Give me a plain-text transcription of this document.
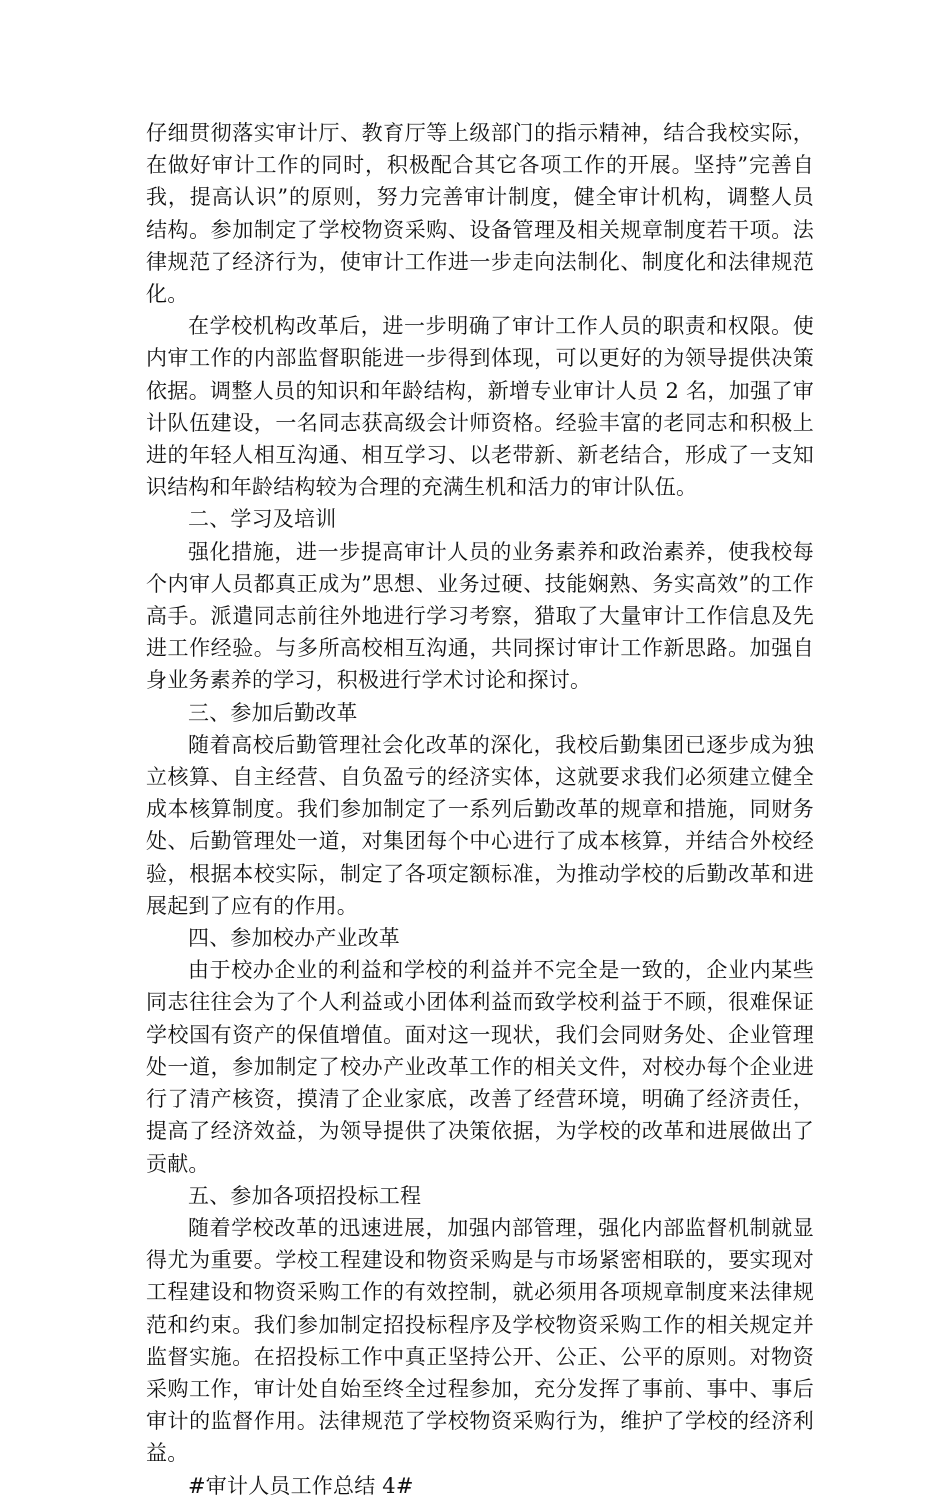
仔细贯彻落实审计厅、教育厅等上级部门的指示精神，结合我校实际，在做好审计工作的同时，积极配合其它各项工作的开展。坚持”完善自我，提高认识”的原则，努力完善审计制度，健全审计机构，调整人员结构。参加制定了学校物资采购、设备管理及相关规章制度若干项。法律规范了经济行为，使审计工作进一步走向法制化、制度化和法律规范化。

在学校机构改革后，进一步明确了审计工作人员的职责和权限。使内审工作的内部监督职能进一步得到体现，可以更好的为领导提供决策依据。调整人员的知识和年龄结构，新增专业审计人员 2 名，加强了审计队伍建设，一名同志获高级会计师资格。经验丰富的老同志和积极上进的年轻人相互沟通、相互学习、以老带新、新老结合，形成了一支知识结构和年龄结构较为合理的充满生机和活力的审计队伍。

二、学习及培训

强化措施，进一步提高审计人员的业务素养和政治素养，使我校每个内审人员都真正成为”思想、业务过硬、技能娴熟、务实高效”的工作高手。派遣同志前往外地进行学习考察，猎取了大量审计工作信息及先进工作经验。与多所高校相互沟通，共同探讨审计工作新思路。加强自身业务素养的学习，积极进行学术讨论和探讨。

三、参加后勤改革

随着高校后勤管理社会化改革的深化，我校后勤集团已逐步成为独立核算、自主经营、自负盈亏的经济实体，这就要求我们必须建立健全成本核算制度。我们参加制定了一系列后勤改革的规章和措施，同财务处、后勤管理处一道，对集团每个中心进行了成本核算，并结合外校经验，根据本校实际，制定了各项定额标准，为推动学校的后勤改革和进展起到了应有的作用。

四、参加校办产业改革

由于校办企业的利益和学校的利益并不完全是一致的，企业内某些同志往往会为了个人利益或小团体利益而致学校利益于不顾，很难保证学校国有资产的保值增值。面对这一现状，我们会同财务处、企业管理处一道，参加制定了校办产业改革工作的相关文件，对校办每个企业进行了清产核资，摸清了企业家底，改善了经营环境，明确了经济责任，提高了经济效益，为领导提供了决策依据，为学校的改革和进展做出了贡献。

五、参加各项招投标工程

随着学校改革的迅速进展，加强内部管理，强化内部监督机制就显得尤为重要。学校工程建设和物资采购是与市场紧密相联的，要实现对工程建设和物资采购工作的有效控制，就必须用各项规章制度来法律规范和约束。我们参加制定招投标程序及学校物资采购工作的相关规定并监督实施。在招投标工作中真正坚持公开、公正、公平的原则。对物资采购工作，审计处自始至终全过程参加，充分发挥了事前、事中、事后审计的监督作用。法律规范了学校物资采购行为，维护了学校的经济利益。

#审计人员工作总结 4#
